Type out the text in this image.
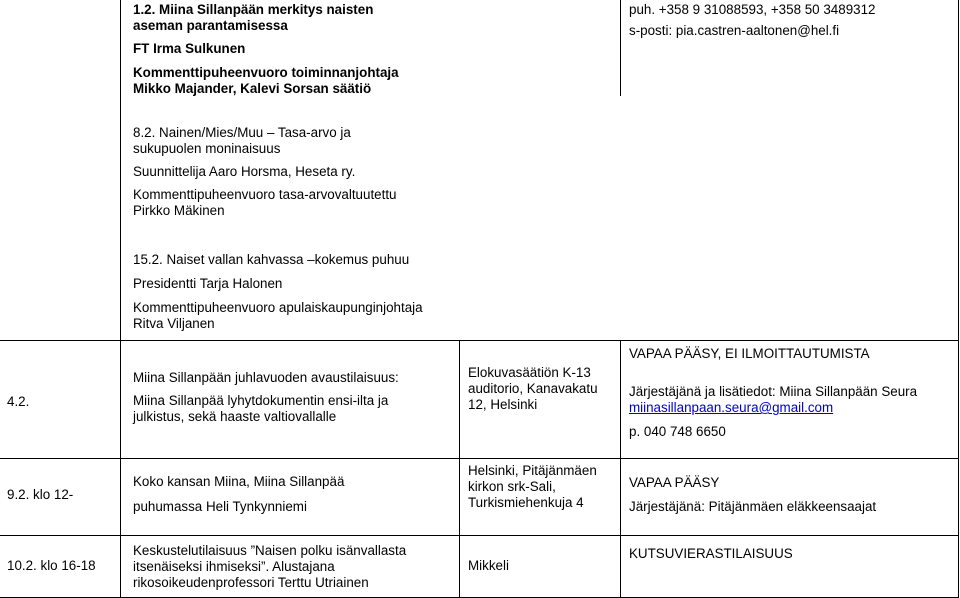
1.2. Miina Sillanpään merkitys naisten aseman parantamisessa

FT Irma Sulkunen

Kommenttipuheenvuoro toiminnanjohtaja

Mikko Majander, Kalevi Sorsan säätiö

puh. +358 9 31088593, +358 50 3489312

s-posti: pia.castren-aaltonen@hel.fi

8.2. Nainen/Mies/Muu – Tasa-arvo ja sukupuolen moninaisuus

Suunnittelija Aaro Horsma, Heseta ry.

Kommenttipuheenvuoro tasa-arvovaltuutettu Pirkko Mäkinen

15.2. Naiset vallan kahvassa –kokemus puhuu

Presidentti Tarja Halonen

Kommenttipuheenvuoro apulaiskaupunginjohtaja Ritva Viljanen

4.2.

Miina Sillanpään juhlavuoden avaustilaisuus:

Miina Sillanpää lyhytdokumentin ensi-ilta ja julkistus, sekä haaste valtiovallalle

Elokuvasäätiön K-13 auditorio, Kanavakatu 12, Helsinki

VAPAA PÄÄSY, EI ILMOITTAUTUMISTA

Järjestäjänä ja lisätiedot: Miina Sillanpään Seura

miinasillanpaan.seura@gmail.com

p. 040 748 6650

9.2. klo 12-

Koko kansan Miina, Miina Sillanpää

puhumassa Heli Tynkynniemi

Helsinki, Pitäjänmäen kirkon srk-Sali, Turkismiehenkuja 4

VAPAA PÄÄSY

Järjestäjänä: Pitäjänmäen eläkkeensaajat

10.2. klo 16-18

Keskustelutilaisuus ”Naisen polku isänvallasta itsenäiseksi ihmiseksi”. Alustajana rikosoikeudenprofessori Terttu Utriainen

Mikkeli

KUTSUVIERASTILAISUUS
